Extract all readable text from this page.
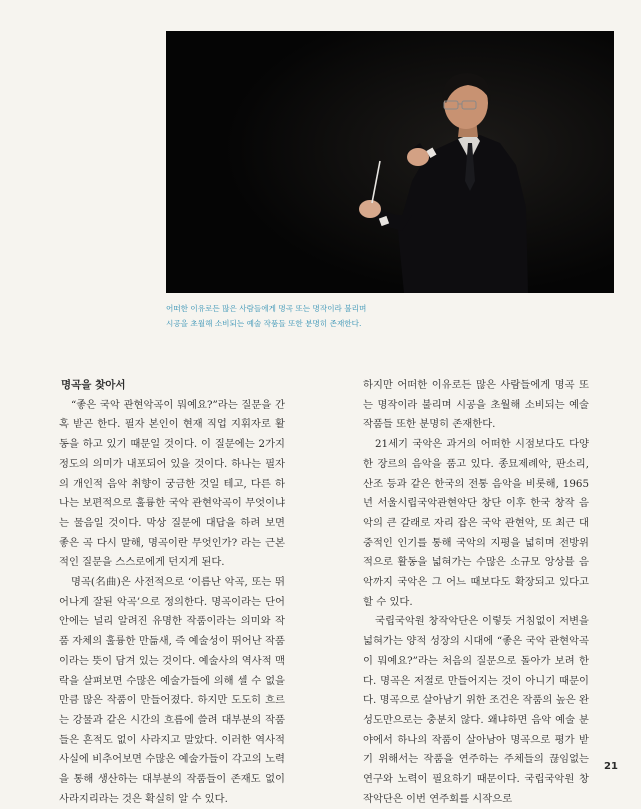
어떠한 이유로든 많은 사람들에게 명곡 또는 명작이라 불리며
시공을 초월해 소비되는 예술 작품들 또한 분명히 존재한다.
명곡을 찾아서

“좋은 국악 관현악곡이 뭐예요?”라는 질문을 간혹 받곤 한다. 필자 본인이 현재 직업 지휘자로 활동을 하고 있기 때문일 것이다. 이 질문에는 2가지 정도의 의미가 내포되어 있을 것이다. 하나는 필자의 개인적 음악 취향이 궁금한 것일 테고, 다른 하나는 보편적으로 훌륭한 국악 관현악곡이 무엇이냐는 물음일 것이다. 막상 질문에 대답을 하려 보면 좋은 곡 다시 말해, 명곡이란 무엇인가? 라는 근본적인 질문을 스스로에게 던지게 된다.

명곡(名曲)은 사전적으로 ‘이름난 악곡, 또는 뛰어나게 잘된 악곡’으로 정의한다. 명곡이라는 단어 안에는 널리 알려진 유명한 작품이라는 의미와 작품 자체의 훌륭한 만듦새, 즉 예술성이 뛰어난 작품이라는 뜻이 담겨 있는 것이다. 예술사의 역사적 맥락을 살펴보면 수많은 예술가들에 의해 셀 수 없을 만큼 많은 작품이 만들어졌다. 하지만 도도히 흐르는 강물과 같은 시간의 흐름에 쓸려 대부분의 작품들은 흔적도 없이 사라지고 말았다. 이러한 역사적 사실에 비추어보면 수많은 예술가들이 각고의 노력을 통해 생산하는 대부분의 작품들이 존재도 없이 사라지리라는 것은 확실히 알 수 있다.

하지만 어떠한 이유로든 많은 사람들에게 명곡 또는 명작이라 불리며 시공을 초월해 소비되는 예술 작품들 또한 분명히 존재한다.

21세기 국악은 과거의 어떠한 시점보다도 다양한 장르의 음악을 품고 있다. 종묘제례악, 판소리, 산조 등과 같은 한국의 전통 음악을 비롯해, 1965년 서울시립국악관현악단 창단 이후 한국 창작 음악의 큰 갈래로 자리 잡은 국악 관현악, 또 최근 대중적인 인기를 통해 국악의 지평을 넓히며 전방위적으로 활동을 넓혀가는 수많은 소규모 앙상블 음악까지 국악은 그 어느 때보다도 확장되고 있다고 할 수 있다.

국립국악원 창작악단은 이렇듯 거침없이 저변을 넓혀가는 양적 성장의 시대에 “좋은 국악 관현악곡이 뭐예요?”라는 처음의 질문으로 돌아가 보려 한다. 명곡은 저절로 만들어지는 것이 아니기 때문이다. 명곡으로 살아남기 위한 조건은 작품의 높은 완성도만으로는 충분치 않다. 왜냐하면 음악 예술 분야에서 하나의 작품이 살아남아 명곡으로 평가 받기 위해서는 작품을 연주하는 주체들의 끊임없는 연구와 노력이 필요하기 때문이다. 국립국악원 창작악단은 이번 연주회를 시작으로

21
